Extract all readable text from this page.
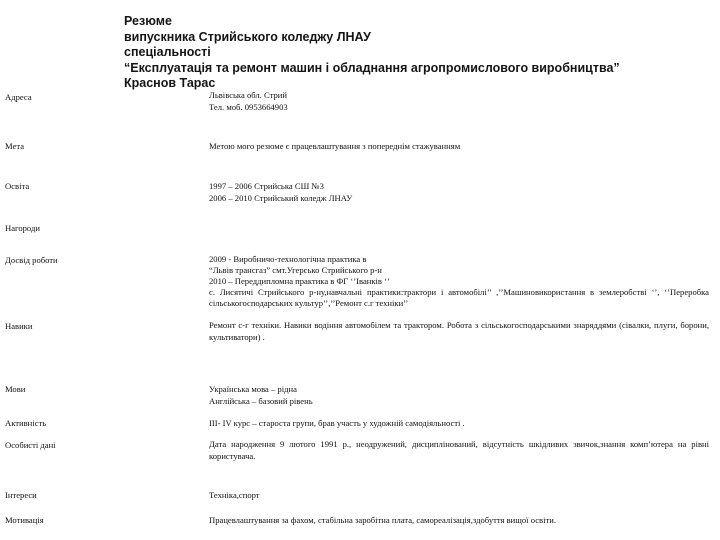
Резюме
випускника Стрийського коледжу ЛНАУ
спеціальності
“Експлуатація та ремонт машин і обладнання агропромислового виробництва”
Краснов Тарас
Адреса	Львівська обл. Стрий
Тел. моб. 0953664903
Мета	Метою мого резюме є працевлаштування з попереднім стажуванням
Освіта	1997 – 2006 Стрийська СШ №3
2006 – 2010 Стрийський коледж ЛНАУ
Нагороди
Досвід роботи	2009 - Виробничо-технологічна практика в
“Львів трансгаз” смт.Угерсько Стрийського р-н
2010 – Переддипломна практика в ФГ ‘’Іванків ‘’
с. Лисятичі Стрийського р-ну,навчальні практики:трактори і автомобілі’’ ,’’Машиновикористання в землеробстві ‘’, ‘’Переробка сільськогосподарських культур’’,’’Ремонт с.г техніки’’
Навики	Ремонт с-г техніки. Навики водіння автомобілем та трактором. Робота з сільськогосподарськими знаряддями (сівалки, плуги, борони, культиватори) .
Мови	Українська мова – рідна
Англійська – базовий рівень
Активність	ІІІ- ІV курс – староста групи, брав участь у художній самодіяльності .
Особисті дані	Дата народження 9 лютого 1991 р., неодружений, дисциплінований, відсутність шкідливих звичок,знання комп’ютера на рівні користувача.
Інтереси	Техніка,спорт
Мотивація	Працевлаштування за фахом, стабільна заробітна плата, самореалізація,здобуття вищої освіти.
